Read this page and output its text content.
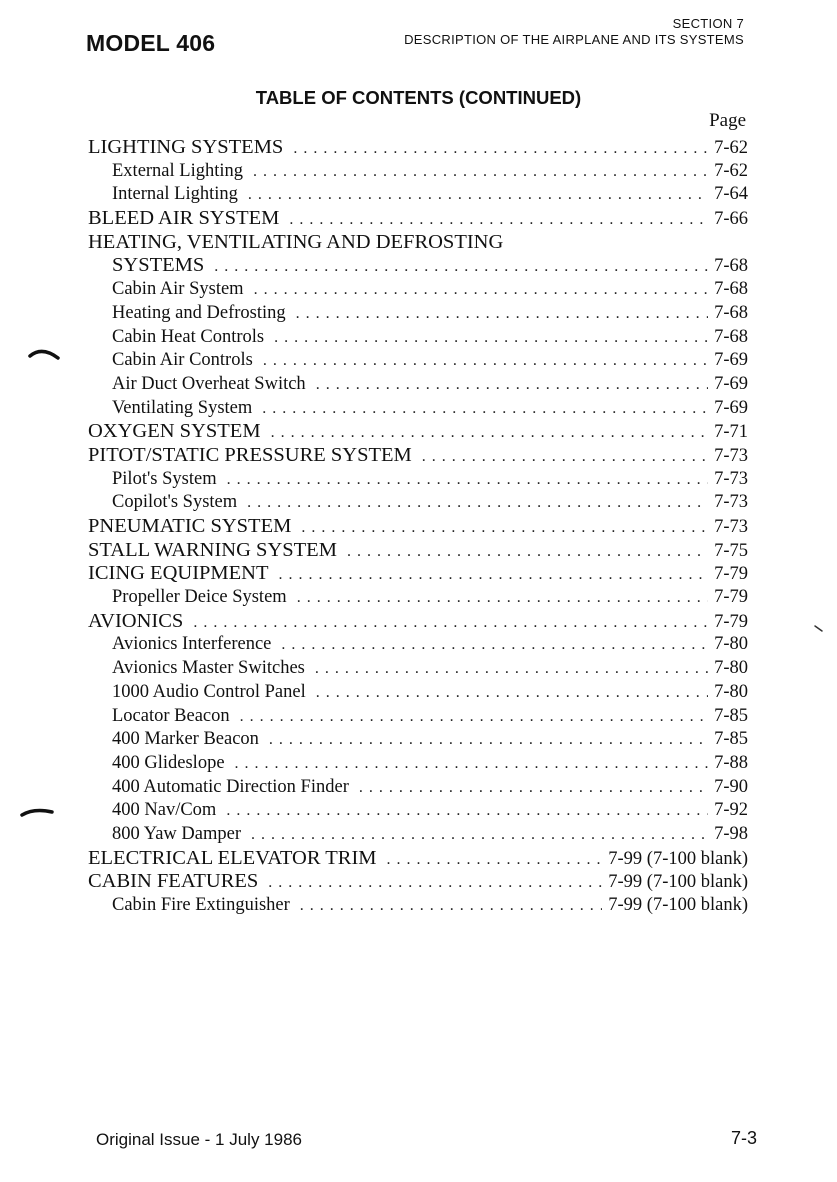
MODEL 406
SECTION 7
DESCRIPTION OF THE AIRPLANE AND ITS SYSTEMS
TABLE OF CONTENTS (CONTINUED)
Page
LIGHTING SYSTEMS . . .	7-62
External Lighting . . .	7-62
Internal Lighting . . .	7-64
BLEED AIR SYSTEM . . .	7-66
HEATING, VENTILATING AND DEFROSTING
SYSTEMS . . .	7-68
Cabin Air System . . .	7-68
Heating and Defrosting . . .	7-68
Cabin Heat Controls . . .	7-68
Cabin Air Controls . . .	7-69
Air Duct Overheat Switch . . .	7-69
Ventilating System . . .	7-69
OXYGEN SYSTEM . . .	7-71
PITOT/STATIC PRESSURE SYSTEM . . .	7-73
Pilot's System . . .	7-73
Copilot's System . . .	7-73
PNEUMATIC SYSTEM . . .	7-73
STALL WARNING SYSTEM . . .	7-75
ICING EQUIPMENT . . .	7-79
Propeller Deice System . . .	7-79
AVIONICS . . .	7-79
Avionics Interference . . .	7-80
Avionics Master Switches . . .	7-80
1000 Audio Control Panel . . .	7-80
Locator Beacon . . .	7-85
400 Marker Beacon . . .	7-85
400 Glideslope . . .	7-88
400 Automatic Direction Finder . . .	7-90
400 Nav/Com . . .	7-92
800 Yaw Damper . . .	7-98
ELECTRICAL ELEVATOR TRIM . . .	7-99 (7-100 blank)
CABIN FEATURES . . .	7-99 (7-100 blank)
Cabin Fire Extinguisher . . .	7-99 (7-100 blank)
Original Issue - 1 July 1986	7-3
